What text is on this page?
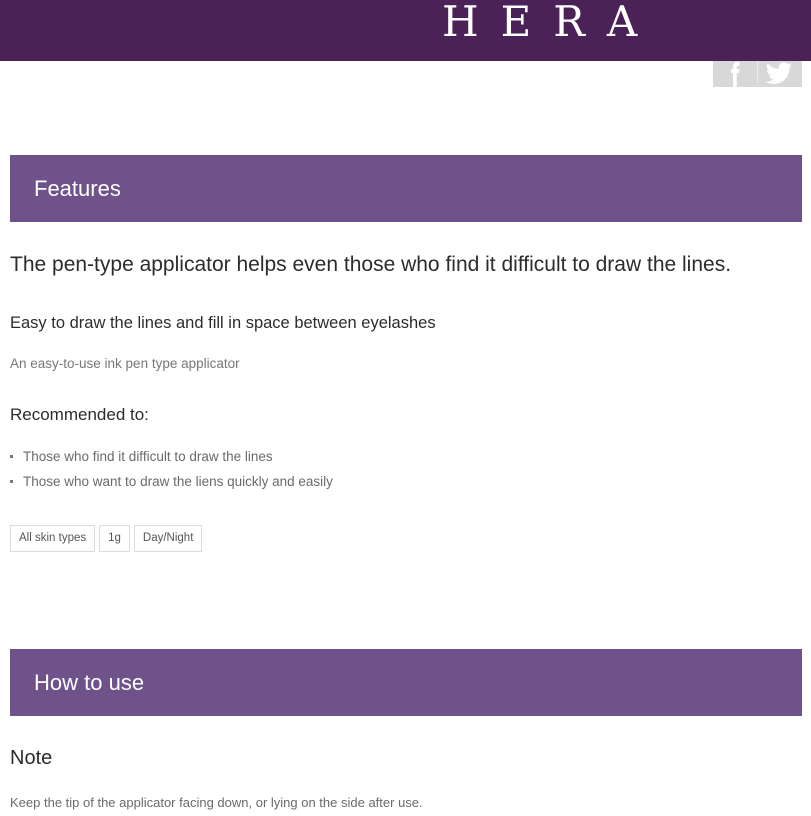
HERA
Features
The pen-type applicator helps even those who find it difficult to draw the lines.
Easy to draw the lines and fill in space between eyelashes
An easy-to-use ink pen type applicator
Recommended to:
Those who find it difficult to draw the lines
Those who want to draw the liens quickly and easily
All skin types	1g	Day/Night
How to use
Note
Keep the tip of the applicator facing down, or lying on the side after use.
